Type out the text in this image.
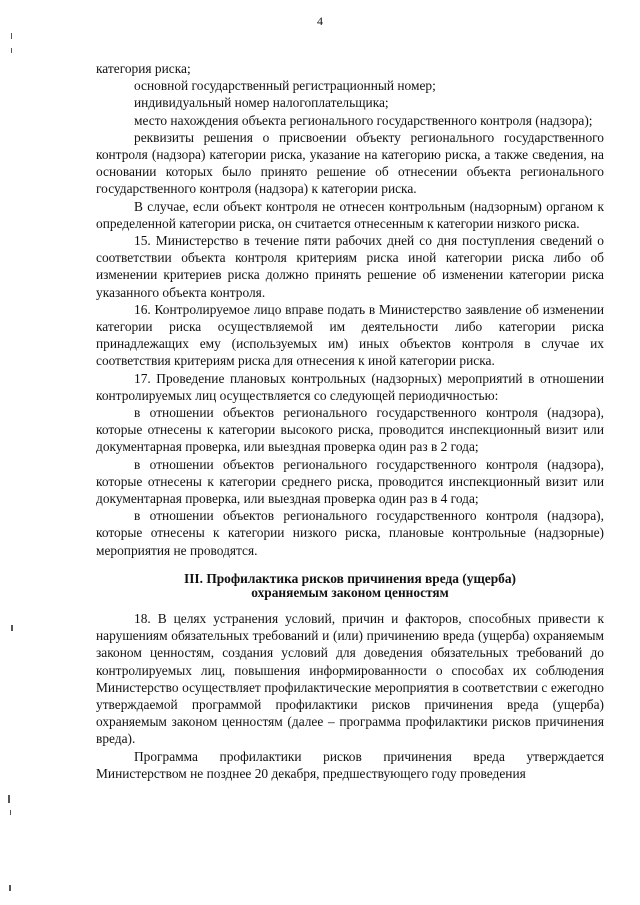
4

категория риска;

основной государственный регистрационный номер;

индивидуальный номер налогоплательщика;

место нахождения объекта регионального государственного контроля (надзора);

реквизиты решения о присвоении объекту регионального государственного контроля (надзора) категории риска, указание на категорию риска, а также сведения, на основании которых было принято решение об отнесении объекта регионального государственного контроля (надзора) к категории риска.

В случае, если объект контроля не отнесен контрольным (надзорным) органом к определенной категории риска, он считается отнесенным к категории низкого риска.

15. Министерство в течение пяти рабочих дней со дня поступления сведений о соответствии объекта контроля критериям риска иной категории риска либо об изменении критериев риска должно принять решение об изменении категории риска указанного объекта контроля.

16. Контролируемое лицо вправе подать в Министерство заявление об изменении категории риска осуществляемой им деятельности либо категории риска принадлежащих ему (используемых им) иных объектов контроля в случае их соответствия критериям риска для отнесения к иной категории риска.

17. Проведение плановых контрольных (надзорных) мероприятий в отношении контролируемых лиц осуществляется со следующей периодичностью:

в отношении объектов регионального государственного контроля (надзора), которые отнесены к категории высокого риска, проводится инспекционный визит или документарная проверка, или выездная проверка один раз в 2 года;

в отношении объектов регионального государственного контроля (надзора), которые отнесены к категории среднего риска, проводится инспекционный визит или документарная проверка, или выездная проверка один раз в 4 года;

в отношении объектов регионального государственного контроля (надзора), которые отнесены к категории низкого риска, плановые контрольные (надзорные) мероприятия не проводятся.

III. Профилактика рисков причинения вреда (ущерба)
охраняемым законом ценностям

18. В целях устранения условий, причин и факторов, способных привести к нарушениям обязательных требований и (или) причинению вреда (ущерба) охраняемым законом ценностям, создания условий для доведения обязательных требований до контролируемых лиц, повышения информированности о способах их соблюдения Министерство осуществляет профилактические мероприятия в соответствии с ежегодно утверждаемой программой профилактики рисков причинения вреда (ущерба) охраняемым законом ценностям (далее – программа профилактики рисков причинения вреда).

Программа профилактики рисков причинения вреда утверждается Министерством не позднее 20 декабря, предшествующего году проведения
